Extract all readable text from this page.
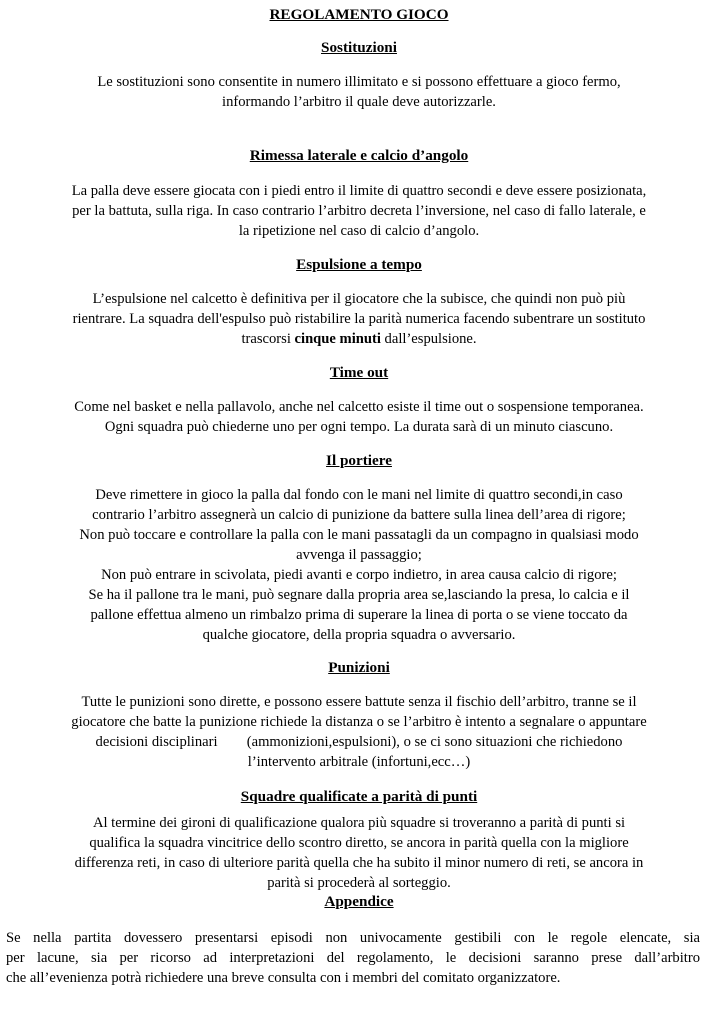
REGOLAMENTO GIOCO
Sostituzioni
Le sostituzioni sono consentite in numero illimitato e si possono effettuare a gioco fermo,
informando l’arbitro il quale deve autorizzarle.
Rimessa laterale e calcio d’angolo
La palla deve essere giocata con i piedi entro il limite di quattro secondi e deve essere posizionata,
per la battuta, sulla riga. In caso contrario l’arbitro decreta l’inversione, nel caso di fallo laterale, e
la ripetizione nel caso di calcio d’angolo.
Espulsione a tempo
L’espulsione nel calcetto è definitiva per il giocatore che la subisce, che quindi non può più
rientrare. La squadra dell'espulso può ristabilire la parità numerica facendo subentrare un sostituto
trascorsi cinque minuti dall’espulsione.
Time out
Come nel basket e nella pallavolo, anche nel calcetto esiste il time out o sospensione temporanea.
Ogni squadra può chiederne uno per ogni tempo. La durata sarà di un minuto ciascuno.
Il portiere
Deve rimettere in gioco la palla dal fondo con le mani nel limite di quattro secondi,in caso
contrario l’arbitro assegnerà un calcio di punizione da battere sulla linea dell’area di rigore;
Non può toccare e controllare la palla con le mani passatagli da un compagno in qualsiasi modo
avvenga il passaggio;
Non può entrare in scivolata, piedi avanti e corpo indietro, in area causa calcio di rigore;
Se ha il pallone tra le mani, può segnare dalla propria area se,lasciando la presa, lo calcia e il
pallone effettua almeno un rimbalzo prima di superare la linea di porta o se viene toccato da
qualche giocatore, della propria squadra o avversario.
Punizioni
Tutte le punizioni sono dirette, e possono essere battute senza il fischio dell’arbitro, tranne se il
giocatore che batte la punizione richiede la distanza o se l’arbitro è intento a segnalare o appuntare
decisioni disciplinari        (ammonizioni,espulsioni), o se ci sono situazioni che richiedono
l’intervento arbitrale (infortuni,ecc…)
Squadre qualificate a parità di punti
Al termine dei gironi di qualificazione qualora più squadre si troveranno a parità di punti si
qualifica la squadra vincitrice dello scontro diretto, se ancora in parità quella con la migliore
differenza reti, in caso di ulteriore parità quella che ha subito il minor numero di reti, se ancora in
parità si procederà al sorteggio.
Appendice
Se nella partita dovessero presentarsi episodi non univocamente gestibili con le regole elencate, sia
per lacune, sia per ricorso ad interpretazioni del regolamento, le decisioni saranno prese dall’arbitro
che all’evenienza potrà richiedere una breve consulta con i membri del comitato organizzatore.
